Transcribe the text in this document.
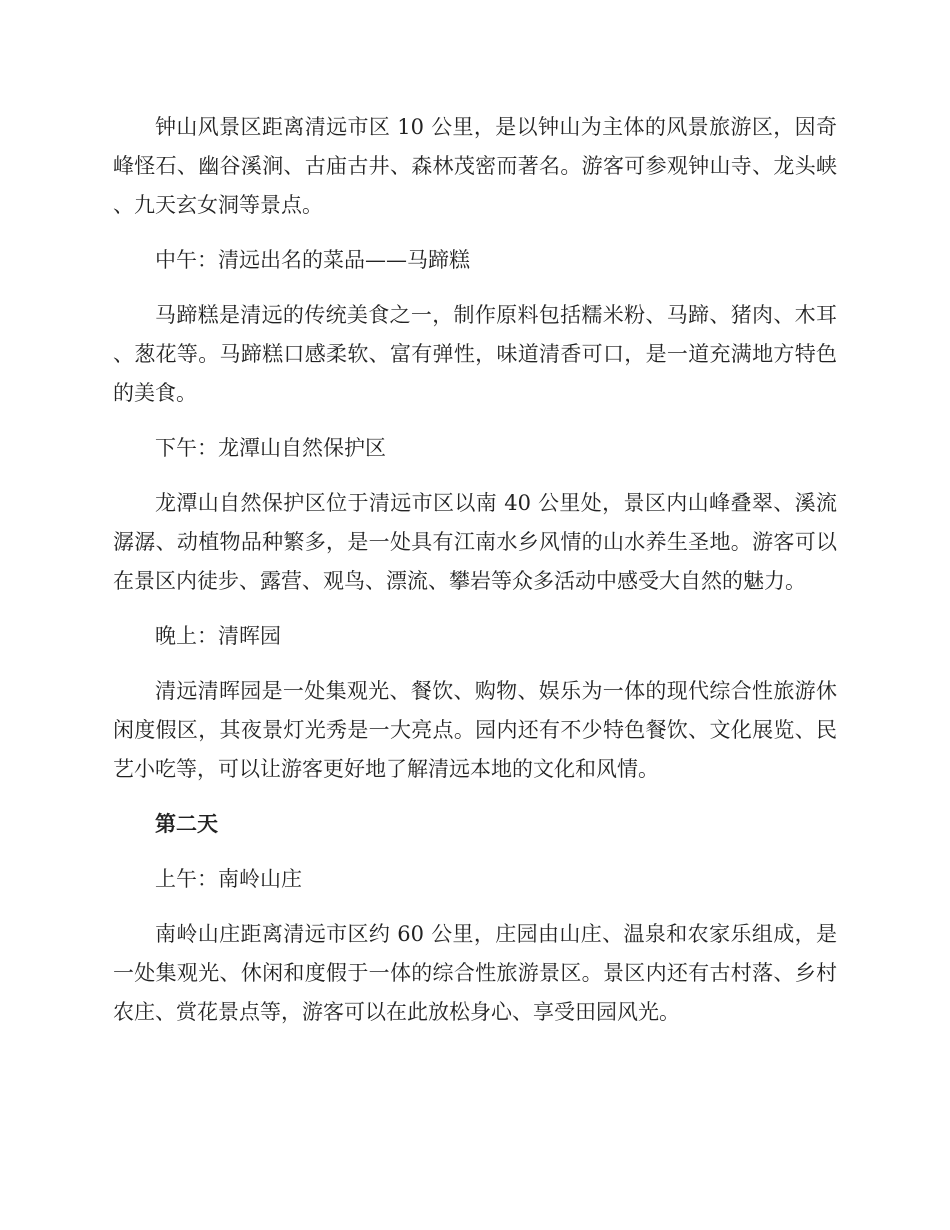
钟山风景区距离清远市区 10 公里，是以钟山为主体的风景旅游区，因奇峰怪石、幽谷溪涧、古庙古井、森林茂密而著名。游客可参观钟山寺、龙头峡、九天玄女洞等景点。

中午：清远出名的菜品——马蹄糕

马蹄糕是清远的传统美食之一，制作原料包括糯米粉、马蹄、猪肉、木耳、葱花等。马蹄糕口感柔软、富有弹性，味道清香可口，是一道充满地方特色的美食。

下午：龙潭山自然保护区

龙潭山自然保护区位于清远市区以南 40 公里处，景区内山峰叠翠、溪流潺潺、动植物品种繁多，是一处具有江南水乡风情的山水养生圣地。游客可以在景区内徒步、露营、观鸟、漂流、攀岩等众多活动中感受大自然的魅力。

晚上：清晖园

清远清晖园是一处集观光、餐饮、购物、娱乐为一体的现代综合性旅游休闲度假区，其夜景灯光秀是一大亮点。园内还有不少特色餐饮、文化展览、民艺小吃等，可以让游客更好地了解清远本地的文化和风情。

第二天

上午：南岭山庄

南岭山庄距离清远市区约 60 公里，庄园由山庄、温泉和农家乐组成，是一处集观光、休闲和度假于一体的综合性旅游景区。景区内还有古村落、乡村农庄、赏花景点等，游客可以在此放松身心、享受田园风光。
